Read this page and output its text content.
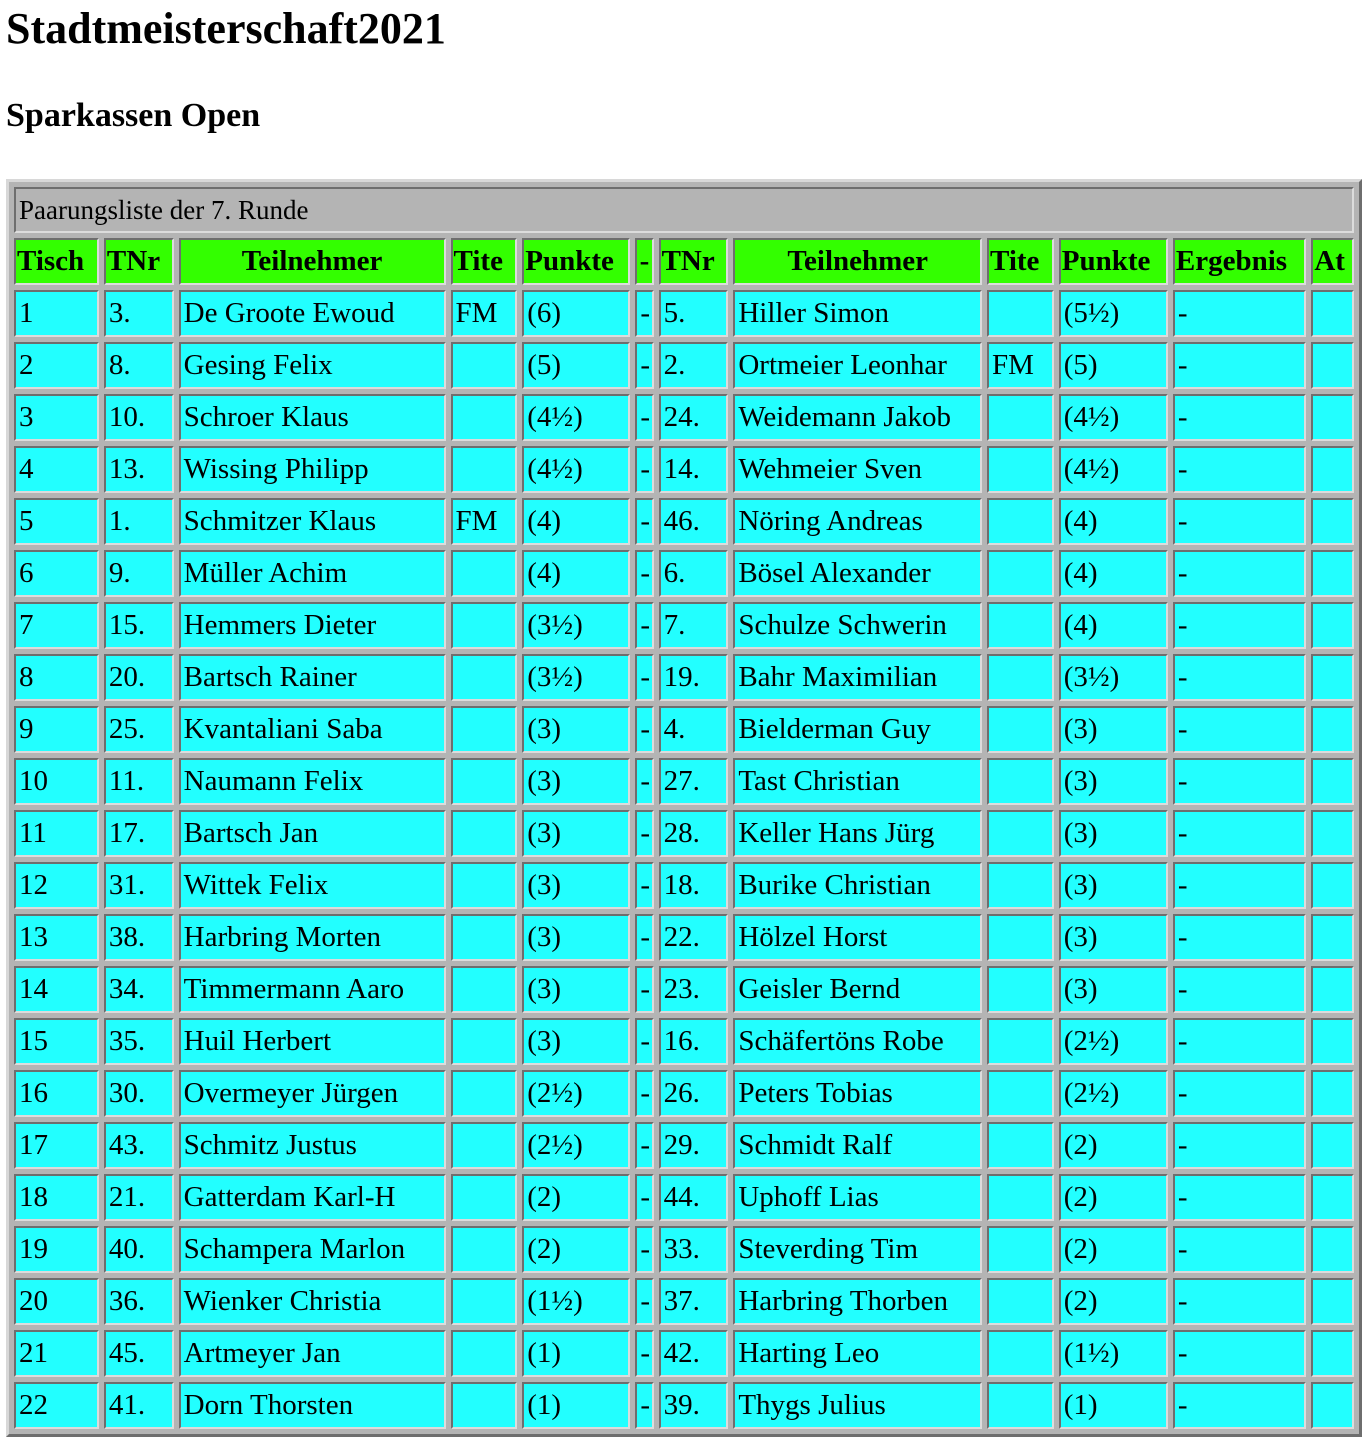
Stadtmeisterschaft2021
Sparkassen Open
Paarungsliste der 7. Runde											
Tisch	TNr	Teilnehmer	Tite	Punkte	-	TNr	Teilnehmer	Tite	Punkte	Ergebnis	At
1	3.	De Groote Ewoud	FM	(6)	-	5.	Hiller Simon		(5½)	-	
2	8.	Gesing Felix		(5)	-	2.	Ortmeier Leonhar	FM	(5)	-	
3	10.	Schroer Klaus		(4½)	-	24.	Weidemann Jakob		(4½)	-	
4	13.	Wissing Philipp		(4½)	-	14.	Wehmeier Sven		(4½)	-	
5	1.	Schmitzer Klaus	FM	(4)	-	46.	Nöring Andreas		(4)	-	
6	9.	Müller Achim		(4)	-	6.	Bösel Alexander		(4)	-	
7	15.	Hemmers Dieter		(3½)	-	7.	Schulze Schwerin		(4)	-	
8	20.	Bartsch Rainer		(3½)	-	19.	Bahr Maximilian		(3½)	-	
9	25.	Kvantaliani Saba		(3)	-	4.	Bielderman Guy		(3)	-	
10	11.	Naumann Felix		(3)	-	27.	Tast Christian		(3)	-	
11	17.	Bartsch Jan		(3)	-	28.	Keller Hans Jürg		(3)	-	
12	31.	Wittek Felix		(3)	-	18.	Burike Christian		(3)	-	
13	38.	Harbring Morten		(3)	-	22.	Hölzel Horst		(3)	-	
14	34.	Timmermann Aaro		(3)	-	23.	Geisler Bernd		(3)	-	
15	35.	Huil Herbert		(3)	-	16.	Schäfertöns Robe		(2½)	-	
16	30.	Overmeyer Jürgen		(2½)	-	26.	Peters Tobias		(2½)	-	
17	43.	Schmitz Justus		(2½)	-	29.	Schmidt Ralf		(2)	-	
18	21.	Gatterdam Karl-H		(2)	-	44.	Uphoff Lias		(2)	-	
19	40.	Schampera Marlon		(2)	-	33.	Steverding Tim		(2)	-	
20	36.	Wienker Christia		(1½)	-	37.	Harbring Thorben		(2)	-	
21	45.	Artmeyer Jan		(1)	-	42.	Harting Leo		(1½)	-	
22	41.	Dorn Thorsten		(1)	-	39.	Thygs Julius		(1)	-	
